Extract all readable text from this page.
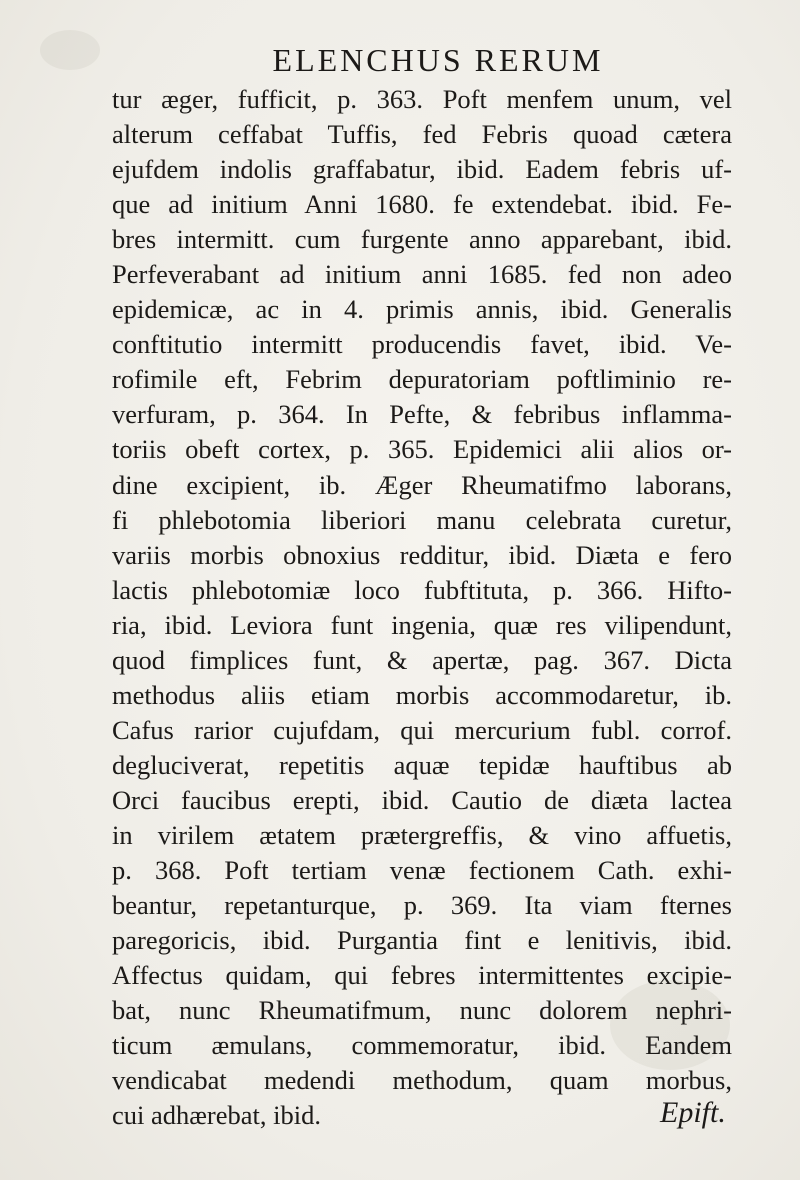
ELENCHUS RERUM
tur æger, fufficit, p. 363. Poft menfem unum, vel
alterum ceffabat Tuffis, fed Febris quoad cætera
ejufdem indolis graffabatur, ibid. Eadem febris uf-
que ad initium Anni 1680. fe extendebat. ibid. Fe-
bres intermitt. cum furgente anno apparebant, ibid.
Perfeverabant ad initium anni 1685. fed non adeo
epidemicæ, ac in 4. primis annis, ibid. Generalis
conftitutio intermitt producendis favet, ibid. Ve-
rofimile eft, Febrim depuratoriam poftliminio re-
verfuram, p. 364. In Pefte, & febribus inflamma-
toriis obeft cortex, p. 365. Epidemici alii alios or-
dine excipient, ib. Æger Rheumatifmo laborans,
fi phlebotomia liberiori manu celebrata curetur,
variis morbis obnoxius redditur, ibid. Diæta e fero
lactis phlebotomiæ loco fubftituta, p. 366. Hifto-
ria, ibid. Leviora funt ingenia, quæ res vilipendunt,
quod fimplices funt, & apertæ, pag. 367. Dicta
methodus aliis etiam morbis accommodaretur, ib.
Cafus rarior cujufdam, qui mercurium fubl. corrof.
degluciverat, repetitis aquæ tepidæ hauftibus ab
Orci faucibus erepti, ibid. Cautio de diæta lactea
in virilem ætatem prætergreffis, & vino affuetis,
p. 368. Poft tertiam venæ fectionem Cath. exhi-
beantur, repetanturque, p. 369. Ita viam fternes
paregoricis, ibid. Purgantia fint e lenitivis, ibid.
Affectus quidam, qui febres intermittentes excipie-
bat, nunc Rheumatifmum, nunc dolorem nephri-
ticum æmulans, commemoratur, ibid. Eandem
vendicabat medendi methodum, quam morbus,
cui adhærebat, ibid.	Epift.
